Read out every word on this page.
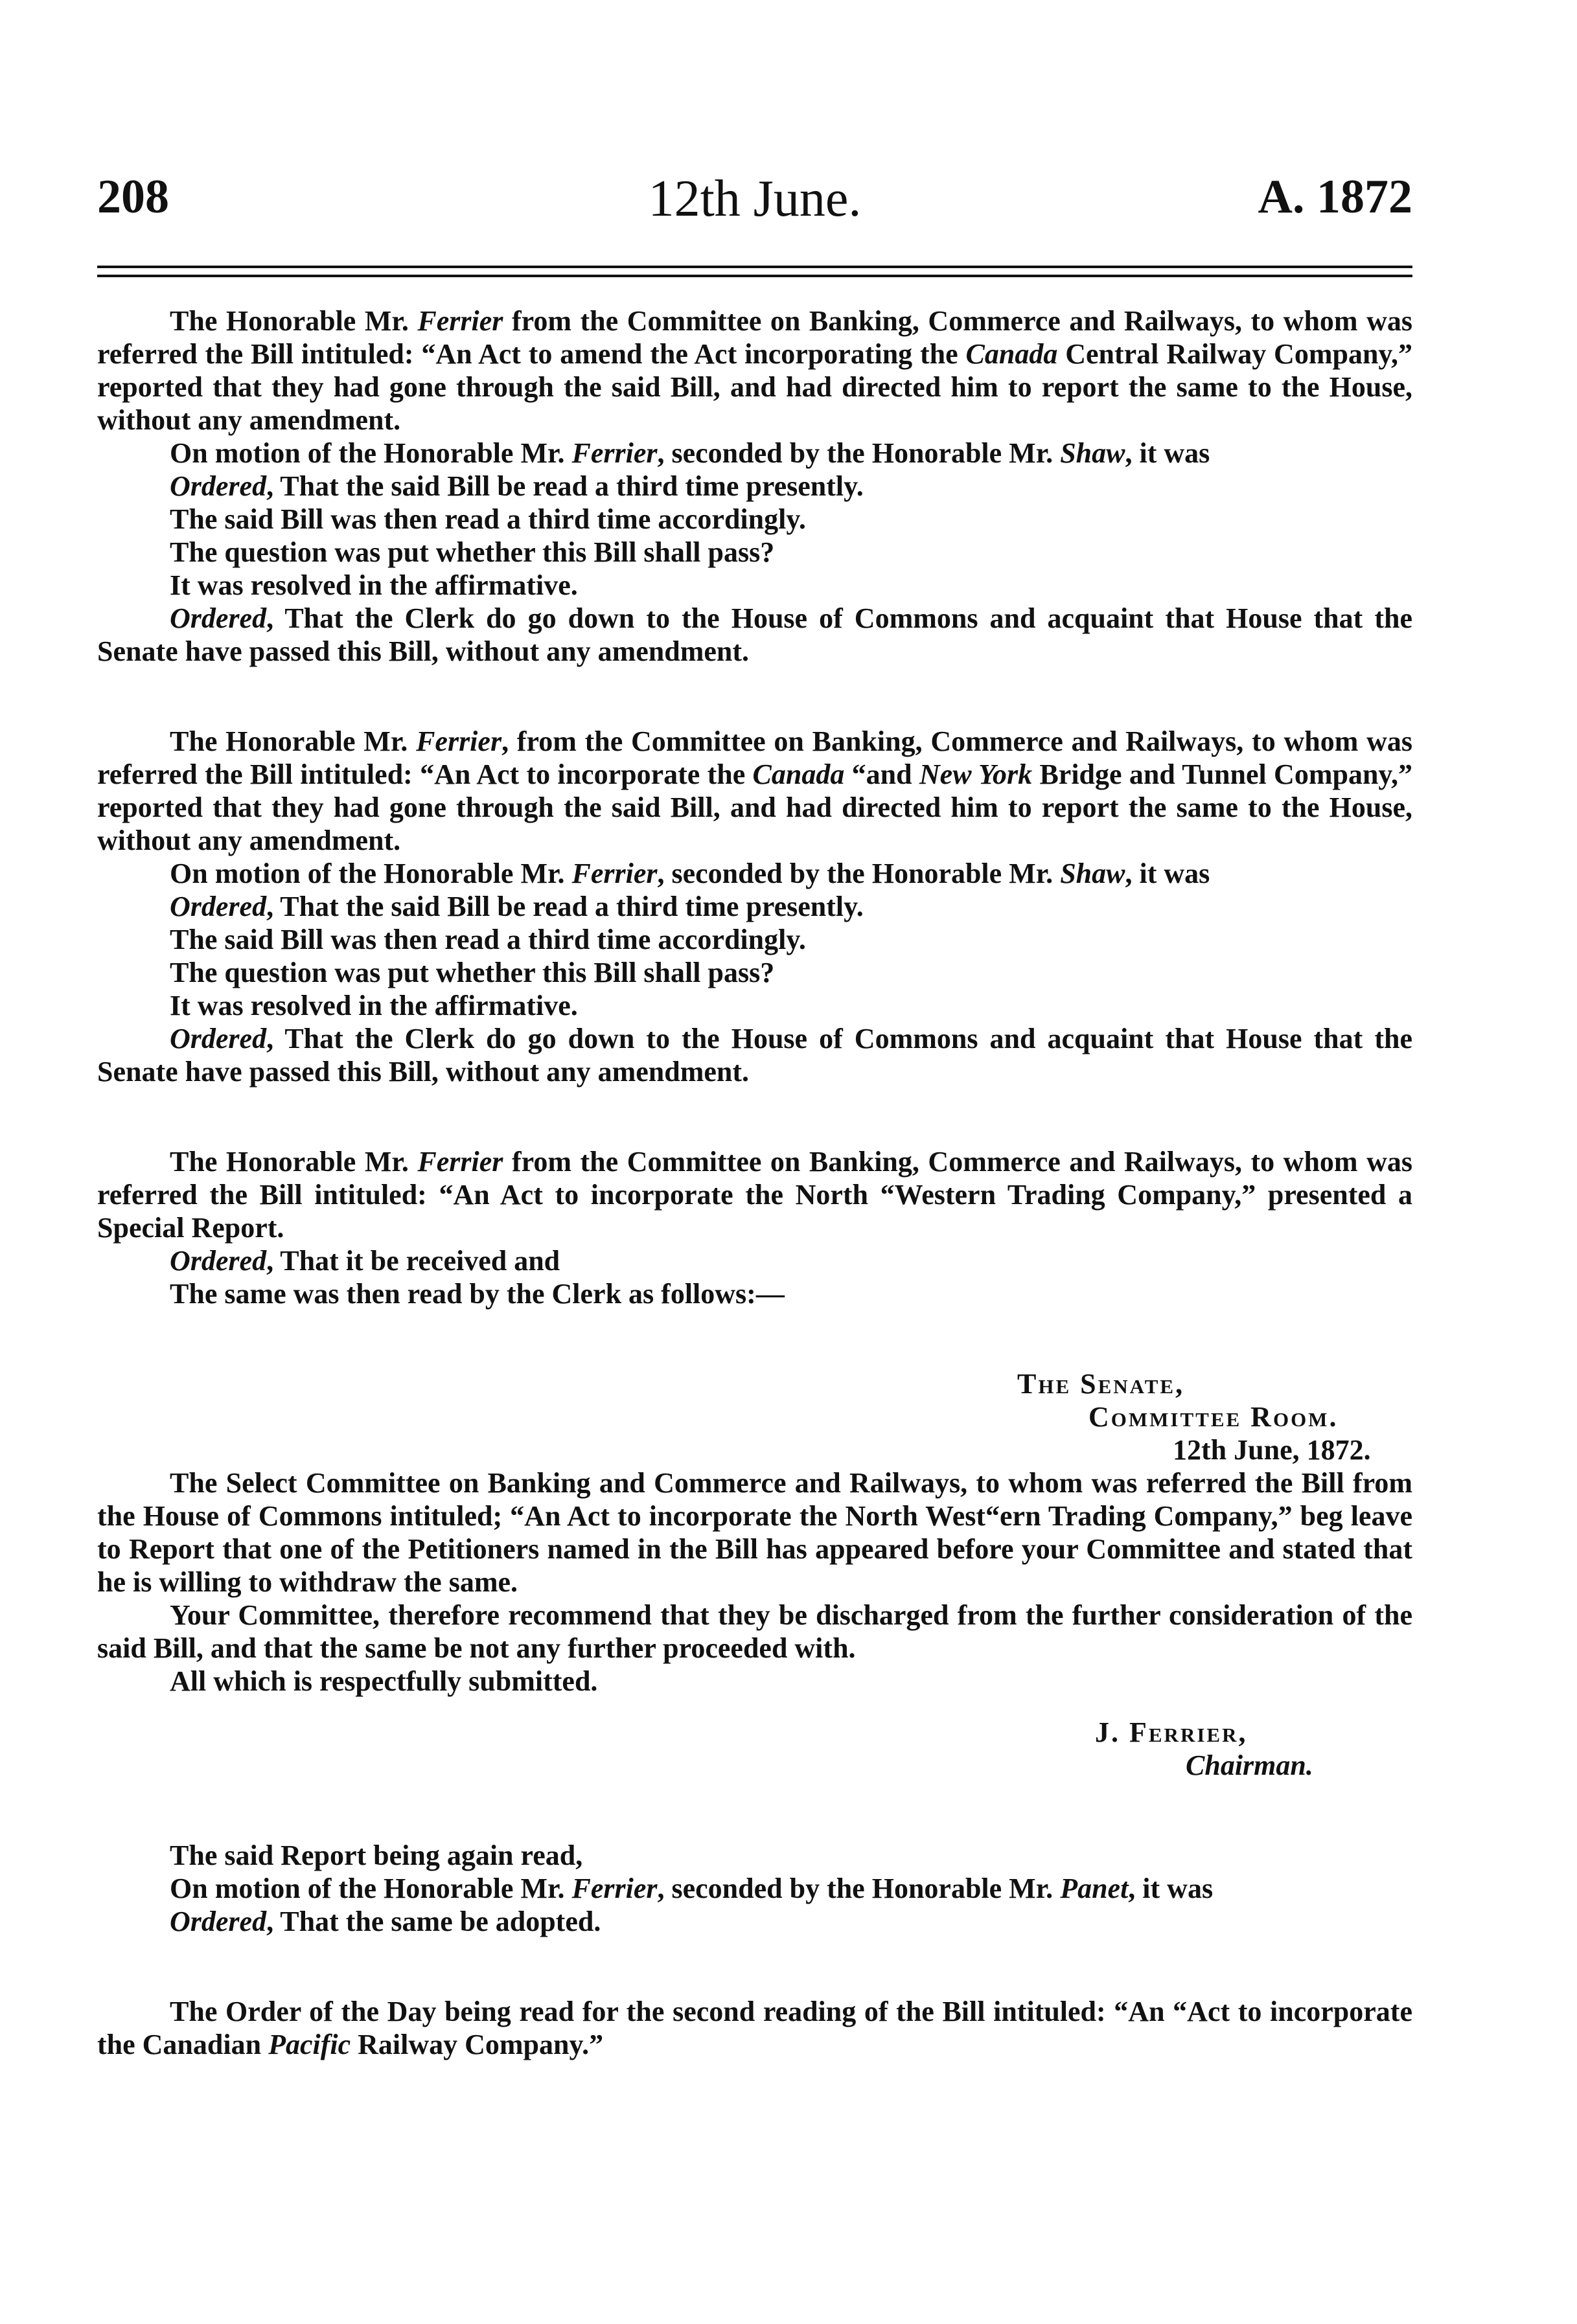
208	12th June.	A. 1872

The Honorable Mr. Ferrier from the Committee on Banking, Commerce and Railways, to whom was referred the Bill intituled: “An Act to amend the Act incorporating the Canada Central Railway Company,” reported that they had gone through the said Bill, and had directed him to report the same to the House, without any amendment.

On motion of the Honorable Mr. Ferrier, seconded by the Honorable Mr. Shaw, it was

Ordered, That the said Bill be read a third time presently.

The said Bill was then read a third time accordingly.

The question was put whether this Bill shall pass?

It was resolved in the affirmative.

Ordered, That the Clerk do go down to the House of Commons and acquaint that House that the Senate have passed this Bill, without any amendment.

The Honorable Mr. Ferrier, from the Committee on Banking, Commerce and Railways, to whom was referred the Bill intituled: “An Act to incorporate the Canada “and New York Bridge and Tunnel Company,” reported that they had gone through the said Bill, and had directed him to report the same to the House, without any amendment.

On motion of the Honorable Mr. Ferrier, seconded by the Honorable Mr. Shaw, it was

Ordered, That the said Bill be read a third time presently.

The said Bill was then read a third time accordingly.

The question was put whether this Bill shall pass?

It was resolved in the affirmative.

Ordered, That the Clerk do go down to the House of Commons and acquaint that House that the Senate have passed this Bill, without any amendment.

The Honorable Mr. Ferrier from the Committee on Banking, Commerce and Railways, to whom was referred the Bill intituled: “An Act to incorporate the North “Western Trading Company,” presented a Special Report.

Ordered, That it be received and

The same was then read by the Clerk as follows:—

The Senate,

Committee Room.

12th June, 1872.

The Select Committee on Banking and Commerce and Railways, to whom was referred the Bill from the House of Commons intituled; “An Act to incorporate the North West“ern Trading Company,” beg leave to Report that one of the Petitioners named in the Bill has appeared before your Committee and stated that he is willing to withdraw the same.

Your Committee, therefore recommend that they be discharged from the further consideration of the said Bill, and that the same be not any further proceeded with.

All which is respectfully submitted.

J. Ferrier,

Chairman.

The said Report being again read,

On motion of the Honorable Mr. Ferrier, seconded by the Honorable Mr. Panet, it was

Ordered, That the same be adopted.

The Order of the Day being read for the second reading of the Bill intituled: “An “Act to incorporate the Canadian Pacific Railway Company.”
